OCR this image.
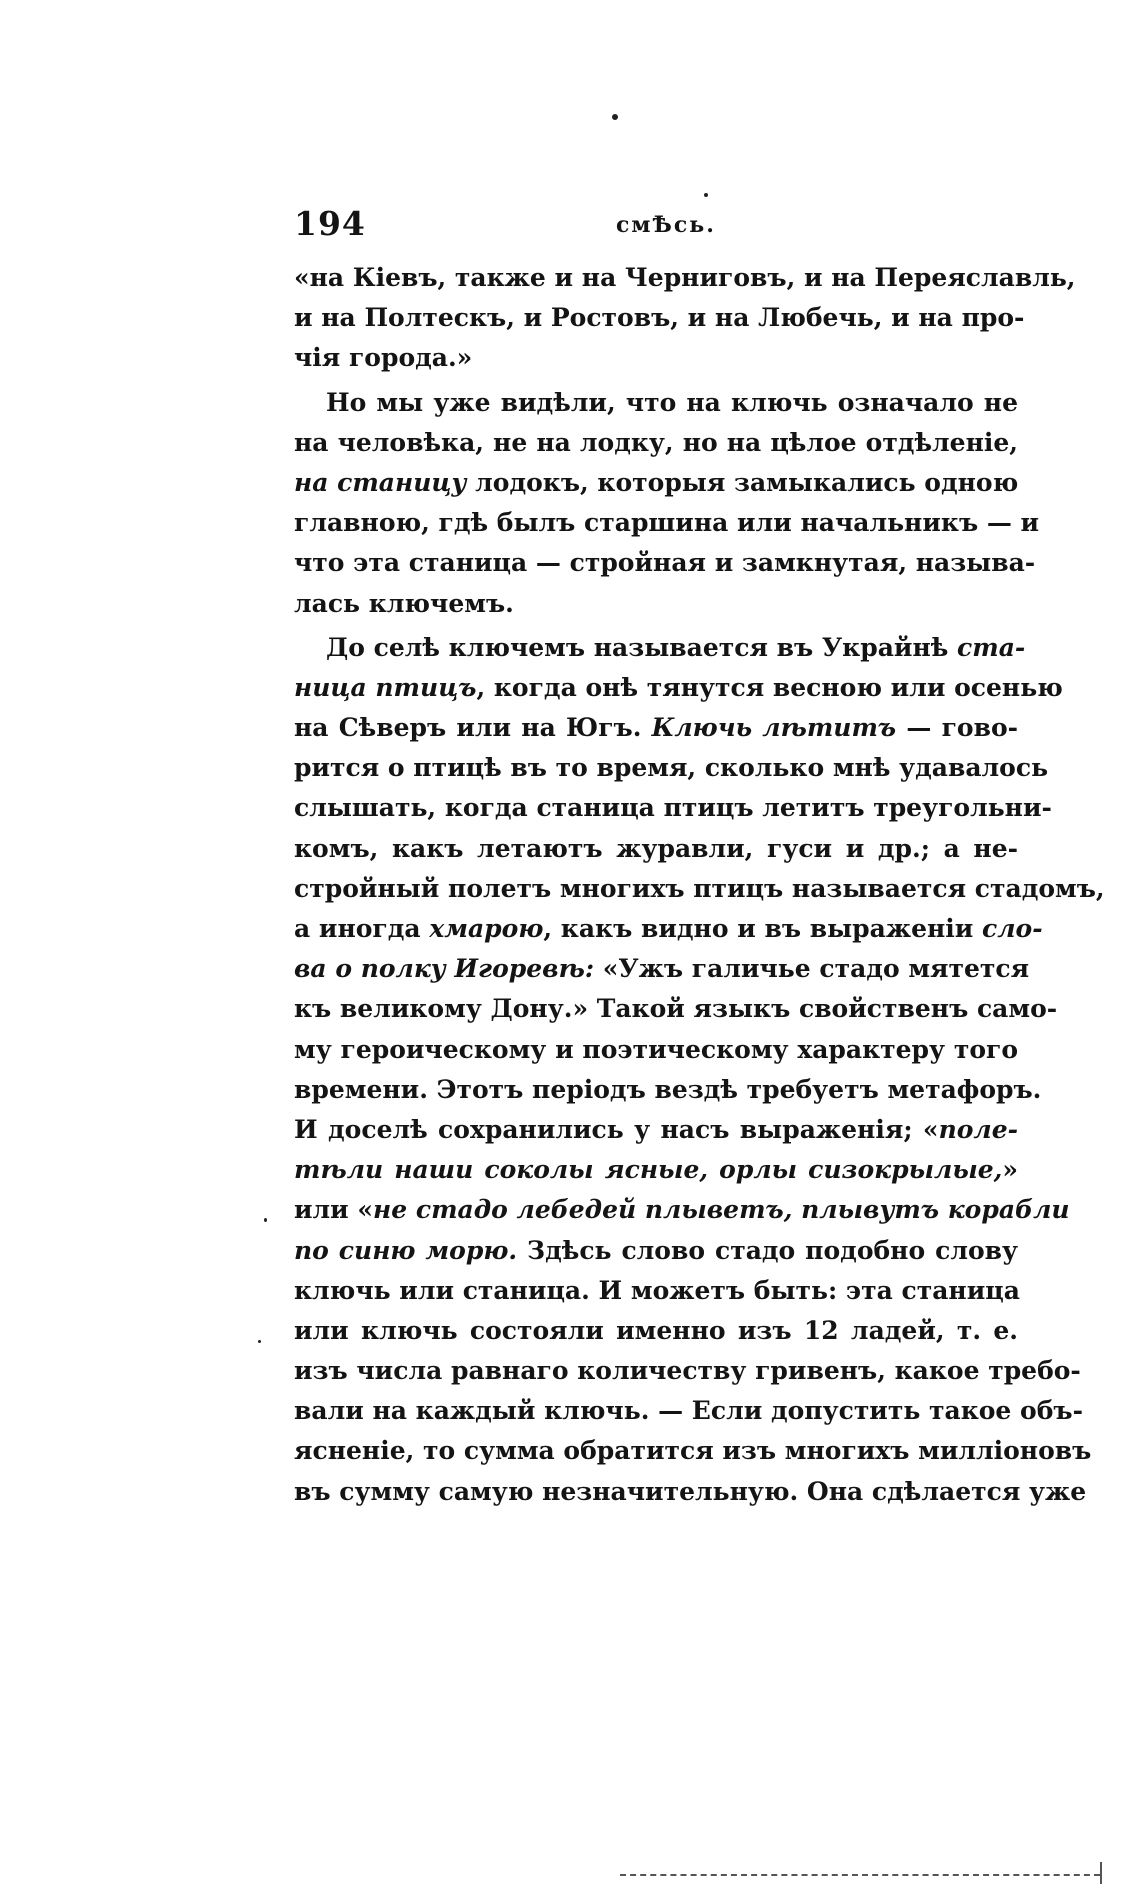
194	смѢсь.
«на Кіевъ, также и на Черниговъ, и на Переяславль,
и на Полтескъ, и Ростовъ, и на Любечь, и на про-
чія города.»
Но мы уже видѣли, что на ключь означало не
на человѣка, не на лодку, но на цѣлое отдѣленіе,
на станицу лодокъ, которыя замыкались одною
главною, гдѣ былъ старшина или начальникъ — и
что эта станица — стройная и замкнутая, называ-
лась ключемъ.
До селѣ ключемъ называется въ Украйнѣ ста-
ница птицъ, когда онѣ тянутся весною или осенью
на Сѣверъ или на Югъ. Ключь лѣтитъ — гово-
рится о птицѣ въ то время, сколько мнѣ удавалось
слышать, когда станица птицъ летитъ треугольни-
комъ, какъ летаютъ журавли, гуси и др.; а не-
стройный полетъ многихъ птицъ называется стадомъ,
а иногда хмарою, какъ видно и въ выраженіи сло-
ва о полку Игоревѣ: «Ужъ галичье стадо мятется
къ великому Дону.» Такой языкъ свойственъ само-
му героическому и поэтическому характеру того
времени. Этотъ періодъ вездѣ требуетъ метафоръ.
И доселѣ сохранились у насъ выраженія; «поле-
тѣли наши соколы ясные, орлы сизокрылые,»
или «не стадо лебедей плыветъ, плывутъ корабли
по синю морю. Здѣсь слово стадо подобно слову
ключь или станица. И можетъ быть: эта станица
или ключь состояли именно изъ 12 ладей, т. е.
изъ числа равнаго количеству гривенъ, какое требо-
вали на каждый ключь. — Если допустить такое объ-
ясненіе, то сумма обратится изъ многихъ милліоновъ
въ сумму самую незначительную. Она сдѣлается уже
